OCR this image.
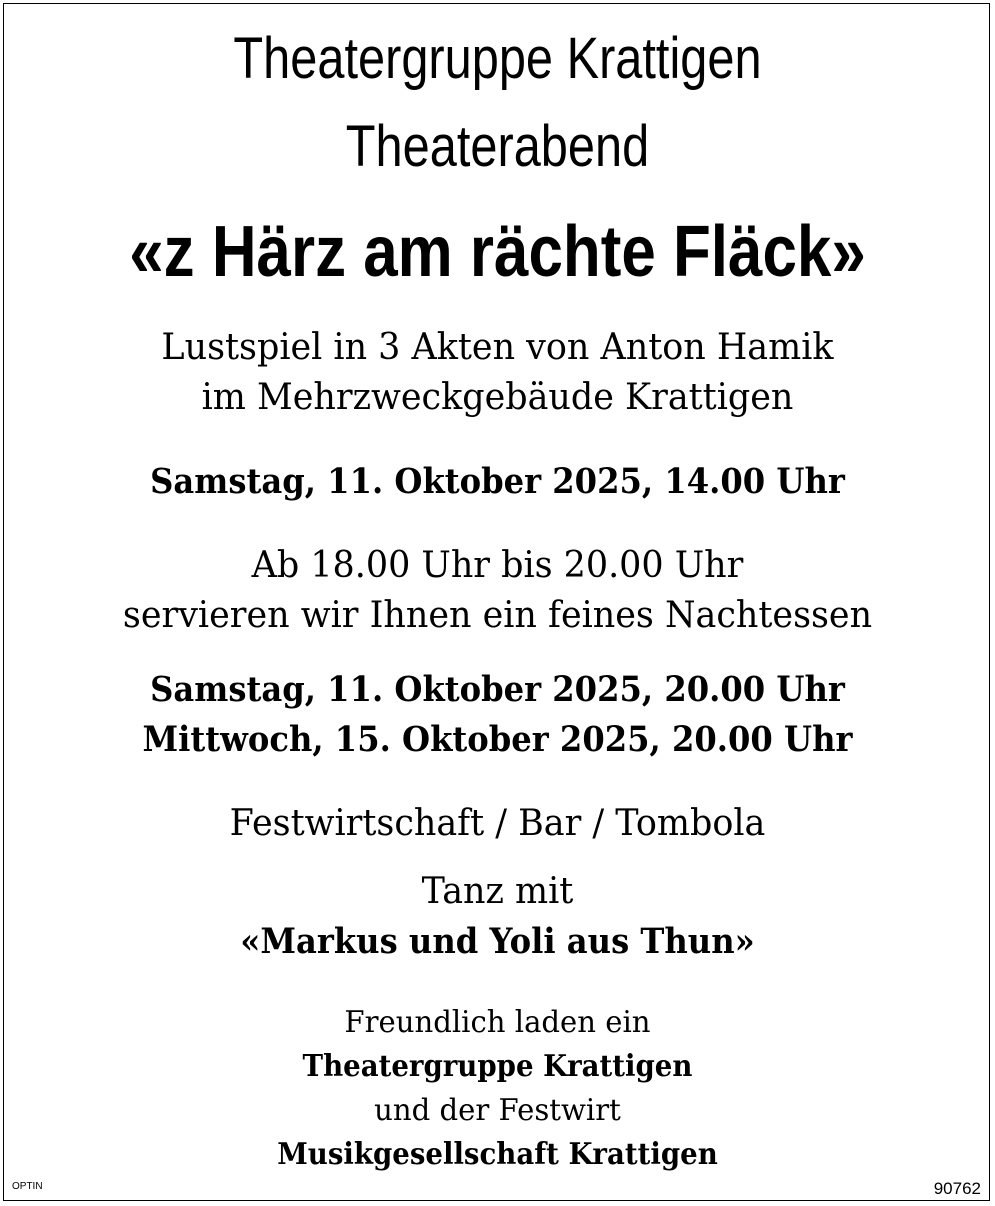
Theatergruppe Krattigen
Theaterabend
«z Härz am rächte Fläck»
Lustspiel in 3 Akten von Anton Hamik
im Mehrzweckgebäude Krattigen
Samstag, 11. Oktober 2025, 14.00 Uhr
Ab 18.00 Uhr bis 20.00 Uhr
servieren wir Ihnen ein feines Nachtessen
Samstag, 11. Oktober 2025, 20.00 Uhr
Mittwoch, 15. Oktober 2025, 20.00 Uhr
Festwirtschaft / Bar / Tombola
Tanz mit
«Markus und Yoli aus Thun»
Freundlich laden ein
Theatergruppe Krattigen
und der Festwirt
Musikgesellschaft Krattigen
OPTIN	90762
